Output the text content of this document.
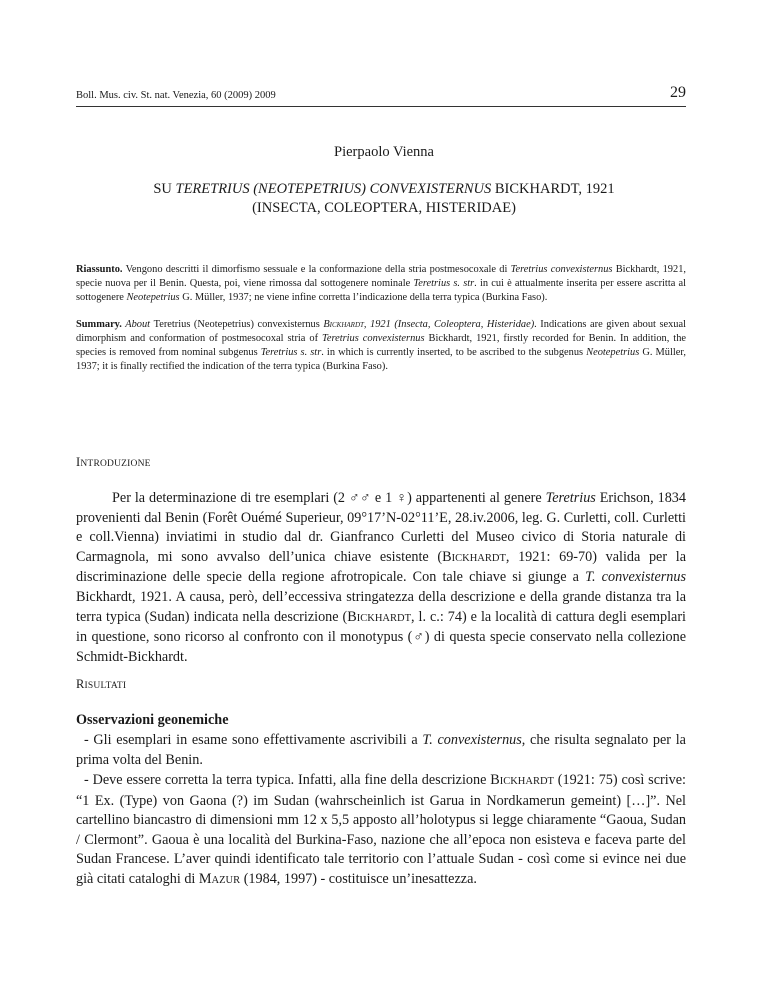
Boll. Mus. civ. St. nat. Venezia, 60 (2009) 2009	29
Pierpaolo Vienna
SU TERETRIUS (NEOTEPETRIUS) CONVEXISTERNUS BICKHARDT, 1921
(INSECTA, COLEOPTERA, HISTERIDAE)
Riassunto. Vengono descritti il dimorfismo sessuale e la conformazione della stria postmesocoxale di Teretrius convexisternus Bickhardt, 1921, specie nuova per il Benin. Questa, poi, viene rimossa dal sottogenere nominale Teretrius s. str. in cui è attualmente inserita per essere ascritta al sottogenere Neotepetrius G. Müller, 1937; ne viene infine corretta l’indicazione della terra typica (Burkina Faso).
Summary. About Teretrius (Neotepetrius) convexisternus Bickhardt, 1921 (Insecta, Coleoptera, Histeridae). Indications are given about sexual dimorphism and conformation of postmesocoxal stria of Teretrius convexisternus Bickhardt, 1921, firstly recorded for Benin. In addition, the species is removed from nominal subgenus Teretrius s. str. in which is currently inserted, to be ascribed to the subgenus Neotepetrius G. Müller, 1937; it is finally rectified the indication of the terra typica (Burkina Faso).
INTRODUZIONE
Per la determinazione di tre esemplari (2 ♂♂ e 1 ♀) appartenenti al genere Teretrius Erichson, 1834 provenienti dal Benin (Forêt Ouémé Superieur, 09°17’N-02°11’E, 28.iv.2006, leg. G. Curletti, coll. Curletti e coll.Vienna) inviatimi in studio dal dr. Gianfranco Curletti del Museo civico di Storia naturale di Carmagnola, mi sono avvalso dell’unica chiave esistente (BICKHARDT, 1921: 69-70) valida per la discriminazione delle specie della regione afrotropicale. Con tale chiave si giunge a T. convexisternus Bickhardt, 1921. A causa, però, dell’eccessiva stringatezza della descrizione e della grande distanza tra la terra typica (Sudan) indicata nella descrizione (BICKHARDT, l. c.: 74) e la località di cattura degli esemplari in questione, sono ricorso al confronto con il monotypus (♂) di questa specie conservato nella collezione Schmidt-Bickhardt.
RISULTATI
Osservazioni geonemiche
- Gli esemplari in esame sono effettivamente ascrivibili a T. convexisternus, che risulta segnalato per la prima volta del Benin.
- Deve essere corretta la terra typica. Infatti, alla fine della descrizione BICKHARDT (1921: 75) così scrive: “1 Ex. (Type) von Gaona (?) im Sudan (wahrscheinlich ist Garua in Nordkamerun gemeint) […]”. Nel cartellino biancastro di dimensioni mm 12 x 5,5 apposto all’holotypus si legge chiaramente “Gaoua, Sudan / Clermont”. Gaoua è una località del Burkina-Faso, nazione che all’epoca non esisteva e faceva parte del Sudan Francese. L’aver quindi identificato tale territorio con l’attuale Sudan - così come si evince nei due già citati cataloghi di MAZUR (1984, 1997) - costituisce un’inesattezza.
